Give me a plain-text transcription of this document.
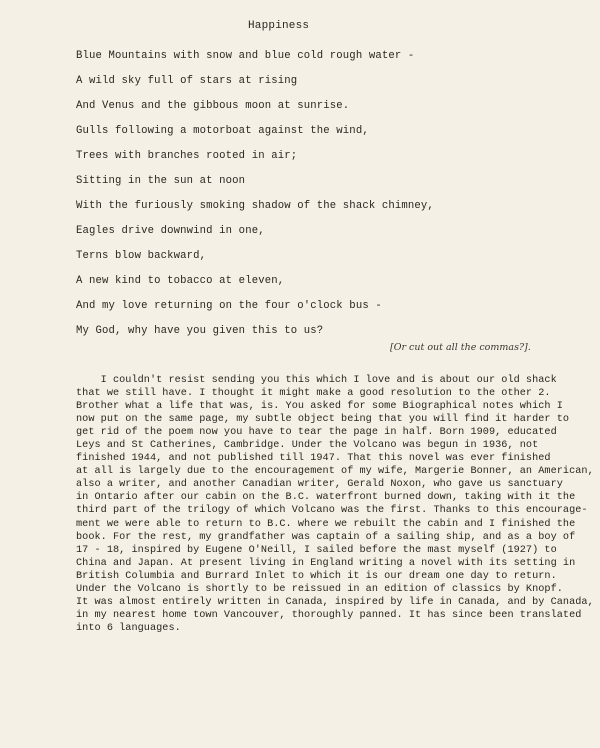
Happiness
Blue Mountains with snow and blue cold rough water -
A wild sky full of stars at rising
And Venus and the gibbous moon at sunrise.
Gulls following a motorboat against the wind,
Trees with branches rooted in air;
Sitting in the sun at noon
With the furiously smoking shadow of the shack chimney,
Eagles drive downwind in one,
Terns blow backward,
A new kind to tobacco at eleven,
And my love returning on the four o'clock bus -
My God, why have you given this to us?
[Or cut out all the commas?].
I couldn't resist sending you this which I love and is about our old shack
that we still have. I thought it might make a good resolution to the other 2.
Brother what a life that was, is. You asked for some Biographical notes which I
now put on the same page, my subtle object being that you will find it harder to
get rid of the poem now you have to tear the page in half. Born 1909, educated
Leys and St Catherines, Cambridge. Under the Volcano was begun in 1936, not
finished 1944, and not published till 1947. That this novel was ever finished
at all is largely due to the encouragement of my wife, Margerie Bonner, an American,
also a writer, and another Canadian writer, Gerald Noxon, who gave us sanctuary
in Ontario after our cabin on the B.C. waterfront burned down, taking with it the
third part of the trilogy of which Volcano was the first. Thanks to this encourage-
ment we were able to return to B.C. where we rebuilt the cabin and I finished the
book. For the rest, my grandfather was captain of a sailing ship, and as a boy of
17 - 18, inspired by Eugene O'Neill, I sailed before the mast myself (1927) to
China and Japan. At present living in England writing a novel with its setting in
British Columbia and Burrard Inlet to which it is our dream one day to return.
Under the Volcano is shortly to be reissued in an edition of classics by Knopf.
It was almost entirely written in Canada, inspired by life in Canada, and by Canada,
in my nearest home town Vancouver, thoroughly panned. It has since been translated
into 6 languages.
